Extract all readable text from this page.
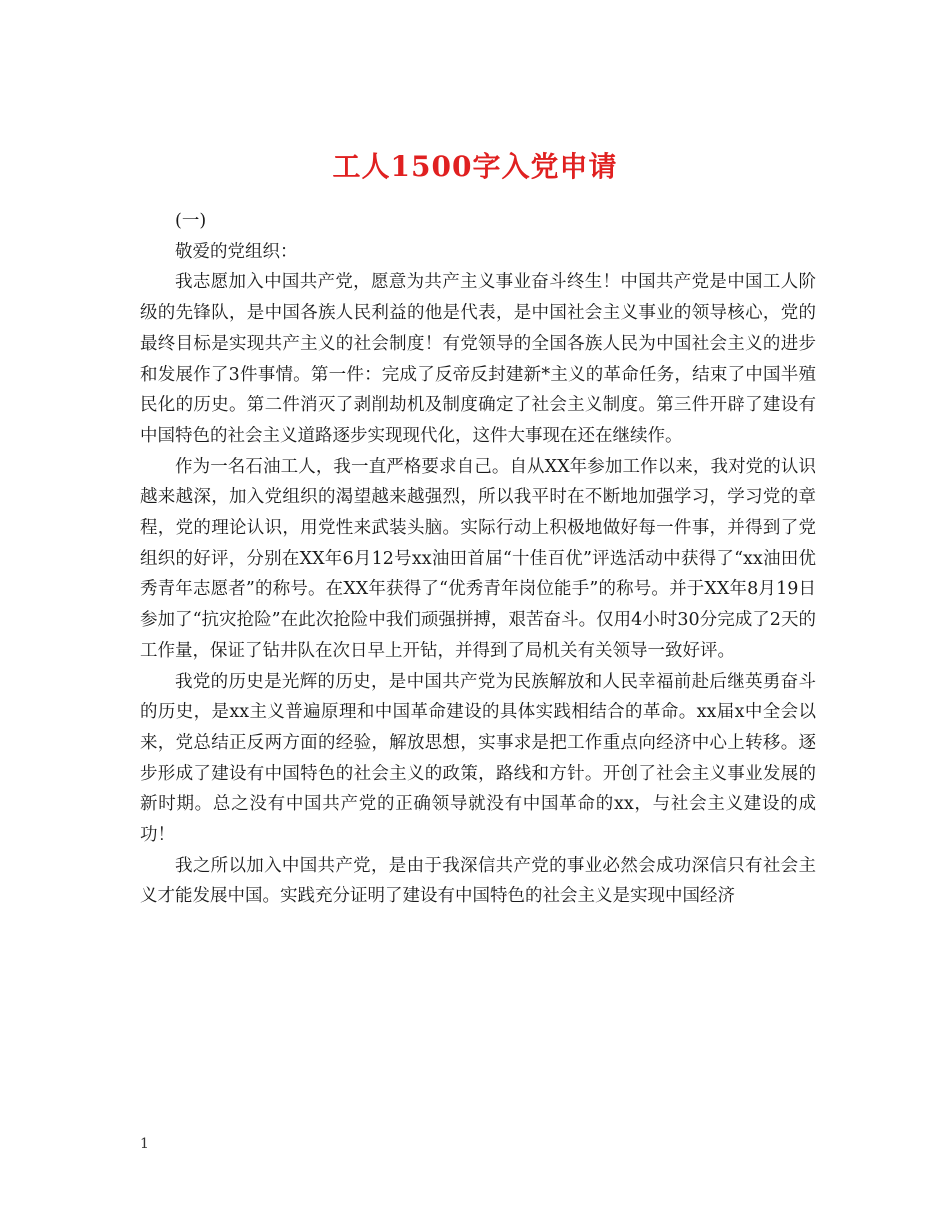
工人1500字入党申请

(一)

敬爱的党组织：

我志愿加入中国共产党，愿意为共产主义事业奋斗终生！中国共产党是中国工人阶级的先锋队，是中国各族人民利益的他是代表，是中国社会主义事业的领导核心，党的最终目标是实现共产主义的社会制度！有党领导的全国各族人民为中国社会主义的进步和发展作了3件事情。第一件：完成了反帝反封建新*主义的革命任务，结束了中国半殖民化的历史。第二件消灭了剥削劫机及制度确定了社会主义制度。第三件开辟了建设有中国特色的社会主义道路逐步实现现代化，这件大事现在还在继续作。

作为一名石油工人，我一直严格要求自己。自从XX年参加工作以来，我对党的认识越来越深，加入党组织的渴望越来越强烈，所以我平时在不断地加强学习，学习党的章程，党的理论认识，用党性来武装头脑。实际行动上积极地做好每一件事，并得到了党组织的好评，分别在XX年6月12号xx油田首届“十佳百优”评选活动中获得了“xx油田优秀青年志愿者”的称号。在XX年获得了“优秀青年岗位能手”的称号。并于XX年8月19日参加了“抗灾抢险”在此次抢险中我们顽强拼搏，艰苦奋斗。仅用4小时30分完成了2天的工作量，保证了钻井队在次日早上开钻，并得到了局机关有关领导一致好评。

我党的历史是光辉的历史，是中国共产党为民族解放和人民幸福前赴后继英勇奋斗的历史，是xx主义普遍原理和中国革命建设的具体实践相结合的革命。xx届x中全会以来，党总结正反两方面的经验，解放思想，实事求是把工作重点向经济中心上转移。逐步形成了建设有中国特色的社会主义的政策，路线和方针。开创了社会主义事业发展的新时期。总之没有中国共产党的正确领导就没有中国革命的xx，与社会主义建设的成功！

我之所以加入中国共产党，是由于我深信共产党的事业必然会成功深信只有社会主义才能发展中国。实践充分证明了建设有中国特色的社会主义是实现中国经济

1
